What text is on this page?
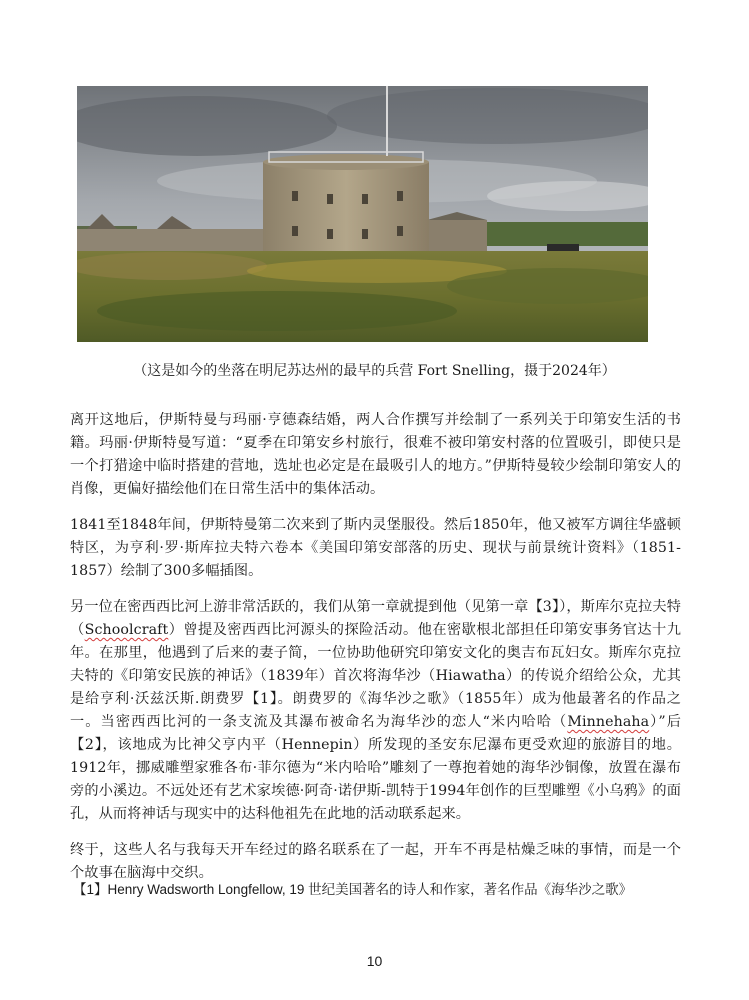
（这是如今的坐落在明尼苏达州的最早的兵营 Fort Snelling，摄于2024年）

离开这地后，伊斯特曼与玛丽·亨德森结婚，两人合作撰写并绘制了一系列关于印第安生活的书籍。玛丽·伊斯特曼写道：“夏季在印第安乡村旅行，很难不被印第安村落的位置吸引，即使只是一个打猎途中临时搭建的营地，选址也必定是在最吸引人的地方。”伊斯特曼较少绘制印第安人的肖像，更偏好描绘他们在日常生活中的集体活动。

1841至1848年间，伊斯特曼第二次来到了斯内灵堡服役。然后1850年，他又被军方调往华盛顿特区，为亨利·罗·斯库拉夫特六卷本《美国印第安部落的历史、现状与前景统计资料》（1851-1857）绘制了300多幅插图。

另一位在密西西比河上游非常活跃的，我们从第一章就提到他（见第一章【3】），斯库尔克拉夫特（Schoolcraft）曾提及密西西比河源头的探险活动。他在密歇根北部担任印第安事务官达十九年。在那里，他遇到了后来的妻子简，一位协助他研究印第安文化的奥吉布瓦妇女。斯库尔克拉夫特的《印第安民族的神话》（1839年）首次将海华沙（Hiawatha）的传说介绍给公众，尤其是给亨利·沃兹沃斯.朗费罗【1】。朗费罗的《海华沙之歌》（1855年）成为他最著名的作品之一。当密西西比河的一条支流及其瀑布被命名为海华沙的恋人“米内哈哈（Minnehaha）”后【2】，该地成为比神父亨内平（Hennepin）所发现的圣安东尼瀑布更受欢迎的旅游目的地。1912年，挪威雕塑家雅各布·菲尔德为“米内哈哈”雕刻了一尊抱着她的海华沙铜像，放置在瀑布旁的小溪边。不远处还有艺术家埃德·阿奇·诺伊斯-凯特于1994年创作的巨型雕塑《小乌鸦》的面孔，从而将神话与现实中的达科他祖先在此地的活动联系起来。

终于，这些人名与我每天开车经过的路名联系在了一起，开车不再是枯燥乏味的事情，而是一个个故事在脑海中交织。

【1】Henry Wadsworth Longfellow, 19 世纪美国著名的诗人和作家，著名作品《海华沙之歌》
10
